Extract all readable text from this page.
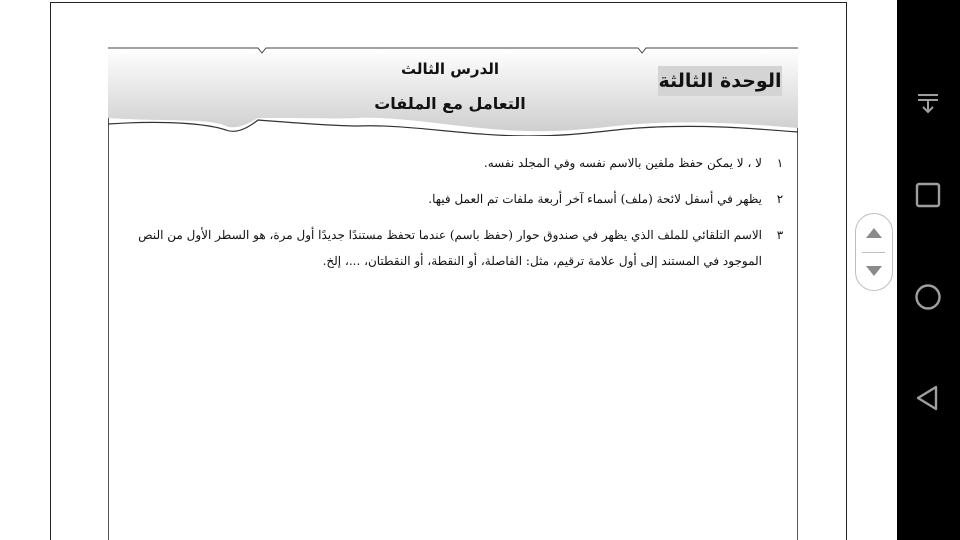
الوحدة الثالثة
الدرس الثالث
التعامل مع الملفات
١
لا ، لا يمكن حفظ ملفين بالاسم نفسه وفي المجلد نفسه.
٢
يظهر في أسفل لائحة (ملف) أسماء آخر أربعة ملفات تم العمل فيها.
٣
الاسم التلقائي للملف الذي يظهر في صندوق حوار (حفظ باسم) عندما تحفظ مستندًا جديدًا أول مرة، هو السطر الأول من النص الموجود في المستند إلى أول علامة ترقيم، مثل: الفاصلة، أو النقطة، أو النقطتان، ...، إلخ.
